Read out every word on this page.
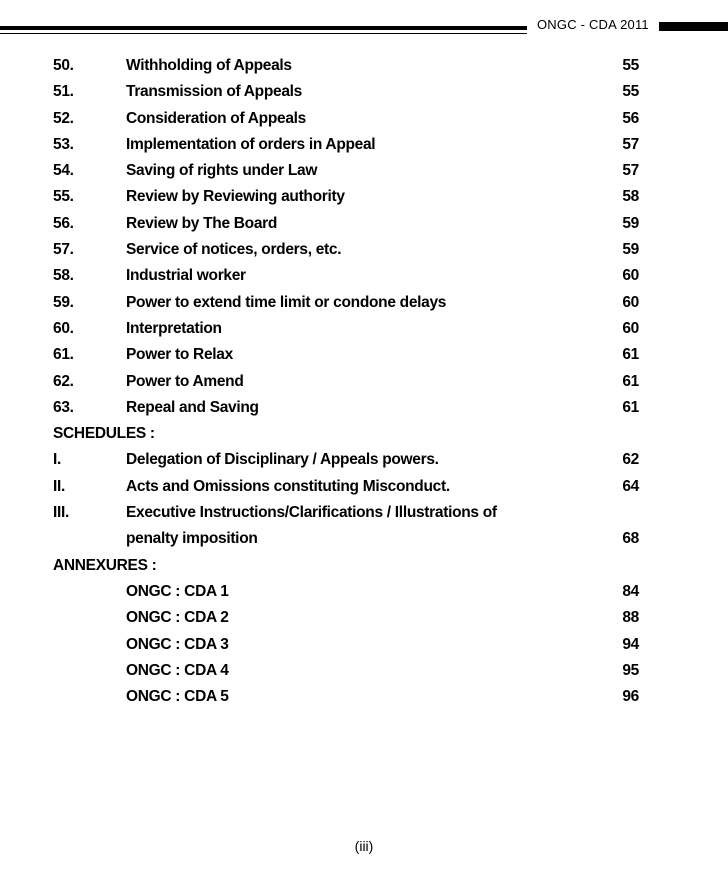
ONGC - CDA 2011
50.	Withholding of Appeals	55
51.	Transmission of Appeals	55
52.	Consideration of Appeals	56
53.	Implementation of orders in Appeal	57
54.	Saving of rights under Law	57
55.	Review by Reviewing authority	58
56.	Review by The Board	59
57.	Service of notices, orders, etc.	59
58.	Industrial worker	60
59.	Power to extend time limit or condone delays	60
60.	Interpretation	60
61.	Power to Relax	61
62.	Power to Amend	61
63.	Repeal and Saving	61
SCHEDULES :
I.	Delegation of Disciplinary / Appeals powers.	62
II.	Acts and Omissions constituting Misconduct.	64
III.	Executive Instructions/Clarifications / Illustrations of
penalty imposition	68
ANNEXURES :
ONGC : CDA 1	84
ONGC : CDA 2	88
ONGC : CDA 3	94
ONGC : CDA 4	95
ONGC : CDA 5	96
(iii)
